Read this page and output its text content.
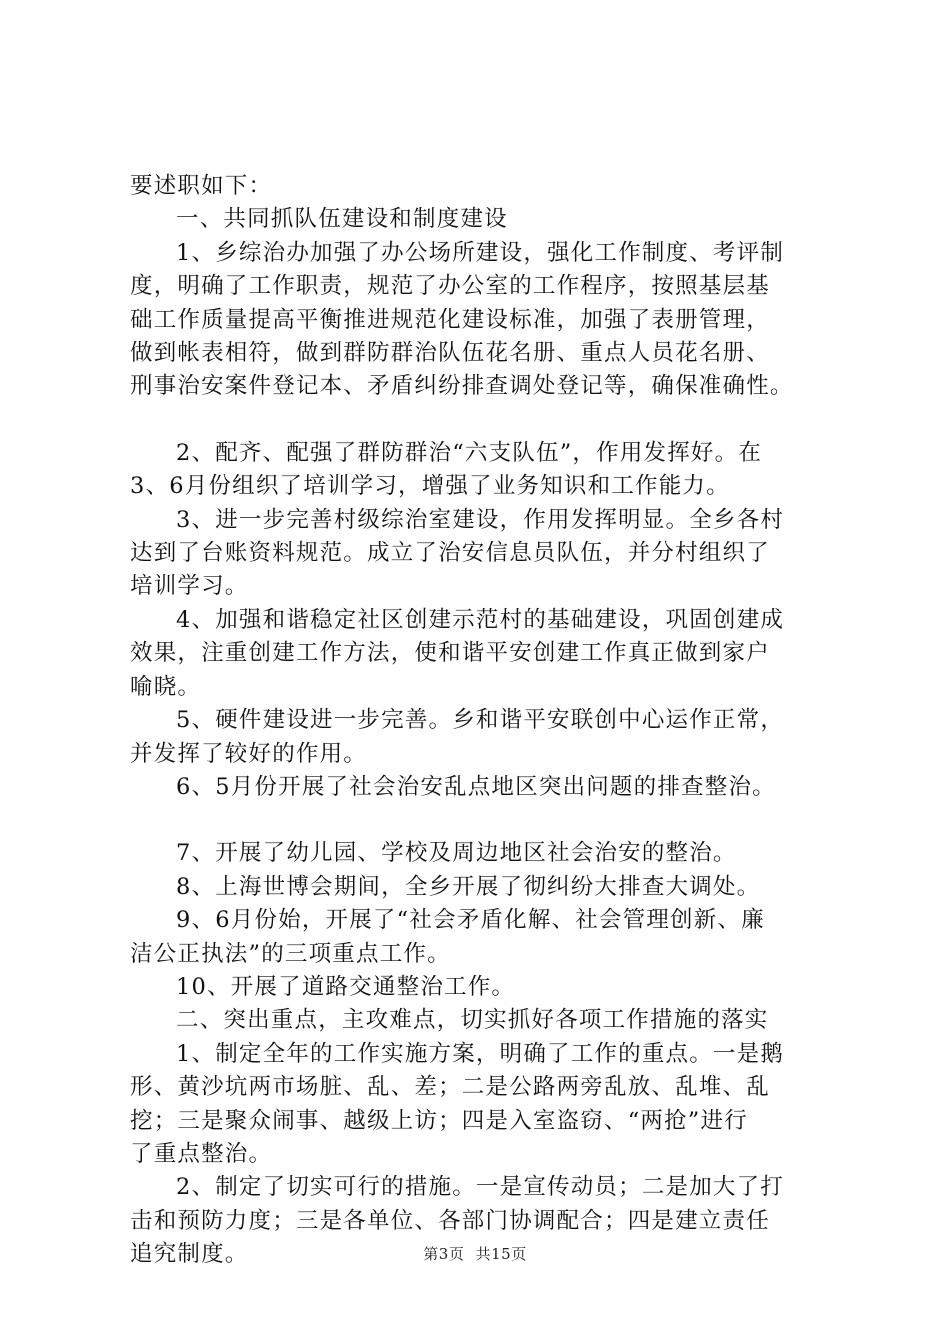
要述职如下：
一、共同抓队伍建设和制度建设
1、乡综治办加强了办公场所建设，强化工作制度、考评制
度，明确了工作职责，规范了办公室的工作程序，按照基层基
础工作质量提高平衡推进规范化建设标准，加强了表册管理，
做到帐表相符，做到群防群治队伍花名册、重点人员花名册、
刑事治安案件登记本、矛盾纠纷排查调处登记等，确保准确性。
2、配齐、配强了群防群治“六支队伍”，作用发挥好。在
3、6月份组织了培训学习，增强了业务知识和工作能力。
3、进一步完善村级综治室建设，作用发挥明显。全乡各村
达到了台账资料规范。成立了治安信息员队伍，并分村组织了
培训学习。
4、加强和谐稳定社区创建示范村的基础建设，巩固创建成
效果，注重创建工作方法，使和谐平安创建工作真正做到家户
喻晓。
5、硬件建设进一步完善。乡和谐平安联创中心运作正常，
并发挥了较好的作用。
6、5月份开展了社会治安乱点地区突出问题的排查整治。
7、开展了幼儿园、学校及周边地区社会治安的整治。
8、上海世博会期间，全乡开展了彻纠纷大排查大调处。
9、6月份始，开展了“社会矛盾化解、社会管理创新、廉
洁公正执法”的三项重点工作。
10、开展了道路交通整治工作。
二、突出重点，主攻难点，切实抓好各项工作措施的落实
1、制定全年的工作实施方案，明确了工作的重点。一是鹅
形、黄沙坑两市场脏、乱、差；二是公路两旁乱放、乱堆、乱
挖；三是聚众闹事、越级上访；四是入室盗窃、“两抢”进行
了重点整治。
2、制定了切实可行的措施。一是宣传动员；二是加大了打
击和预防力度；三是各单位、各部门协调配合；四是建立责任
追究制度。	第3页 共15页
